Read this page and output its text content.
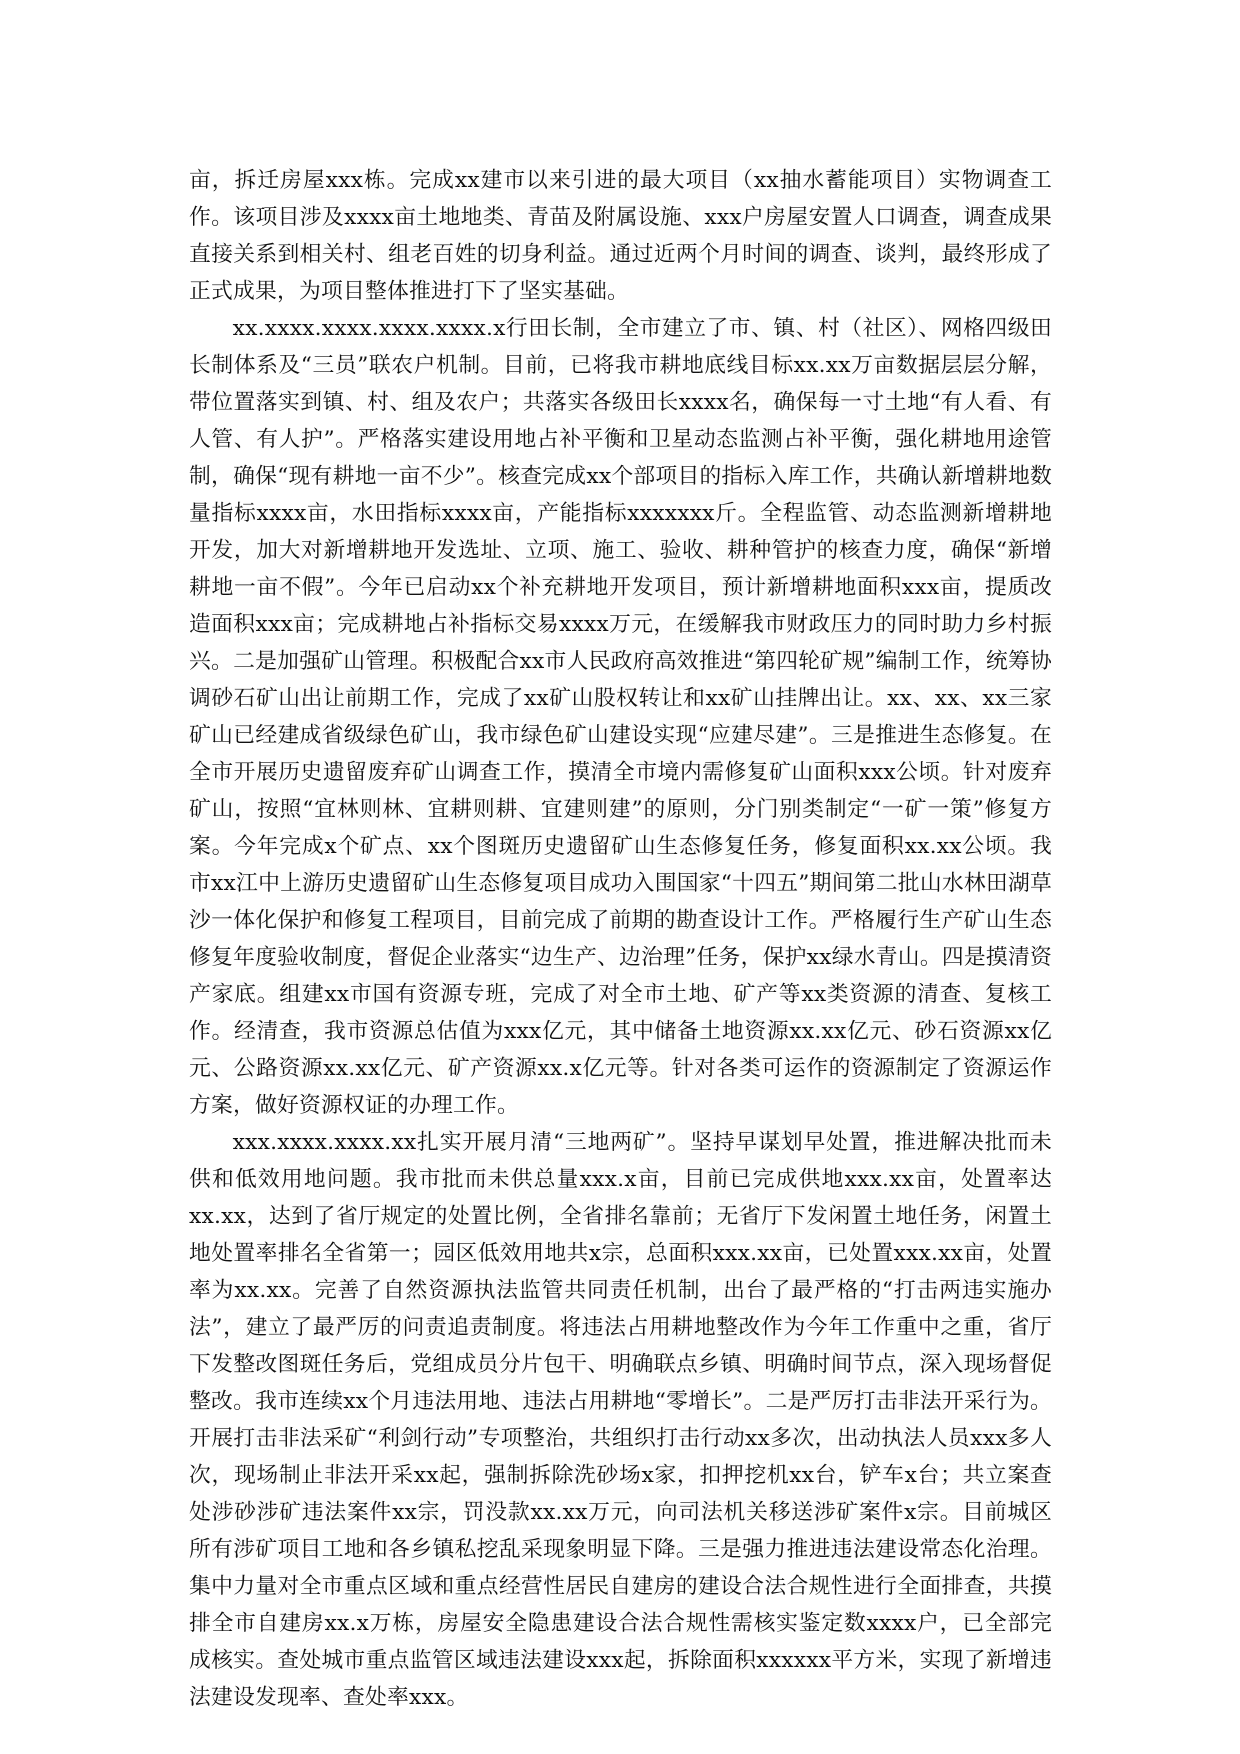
亩，拆迁房屋xxx栋。完成xx建市以来引进的最大项目（xx抽水蓄能项目）实物调查工作。该项目涉及xxxx亩土地地类、青苗及附属设施、xxx户房屋安置人口调查，调查成果直接关系到相关村、组老百姓的切身利益。通过近两个月时间的调查、谈判，最终形成了正式成果，为项目整体推进打下了坚实基础。

xx.xxxx.xxxx.xxxx.xxxx.x行田长制，全市建立了市、镇、村（社区）、网格四级田长制体系及“三员”联农户机制。目前，已将我市耕地底线目标xx.xx万亩数据层层分解，带位置落实到镇、村、组及农户；共落实各级田长xxxx名，确保每一寸土地“有人看、有人管、有人护”。严格落实建设用地占补平衡和卫星动态监测占补平衡，强化耕地用途管制，确保“现有耕地一亩不少”。核查完成xx个部项目的指标入库工作，共确认新增耕地数量指标xxxx亩，水田指标xxxx亩，产能指标xxxxxxx斤。全程监管、动态监测新增耕地开发，加大对新增耕地开发选址、立项、施工、验收、耕种管护的核查力度，确保“新增耕地一亩不假”。今年已启动xx个补充耕地开发项目，预计新增耕地面积xxx亩，提质改造面积xxx亩；完成耕地占补指标交易xxxx万元，在缓解我市财政压力的同时助力乡村振兴。二是加强矿山管理。积极配合xx市人民政府高效推进“第四轮矿规”编制工作，统筹协调砂石矿山出让前期工作，完成了xx矿山股权转让和xx矿山挂牌出让。xx、xx、xx三家矿山已经建成省级绿色矿山，我市绿色矿山建设实现“应建尽建”。三是推进生态修复。在全市开展历史遗留废弃矿山调查工作，摸清全市境内需修复矿山面积xxx公顷。针对废弃矿山，按照“宜林则林、宜耕则耕、宜建则建”的原则，分门别类制定“一矿一策”修复方案。今年完成x个矿点、xx个图斑历史遗留矿山生态修复任务，修复面积xx.xx公顷。我市xx江中上游历史遗留矿山生态修复项目成功入围国家“十四五”期间第二批山水林田湖草沙一体化保护和修复工程项目，目前完成了前期的勘查设计工作。严格履行生产矿山生态修复年度验收制度，督促企业落实“边生产、边治理”任务，保护xx绿水青山。四是摸清资产家底。组建xx市国有资源专班，完成了对全市土地、矿产等xx类资源的清查、复核工作。经清查，我市资源总估值为xxx亿元，其中储备土地资源xx.xx亿元、砂石资源xx亿元、公路资源xx.xx亿元、矿产资源xx.x亿元等。针对各类可运作的资源制定了资源运作方案，做好资源权证的办理工作。

xxx.xxxx.xxxx.xx扎实开展月清“三地两矿”。坚持早谋划早处置，推进解决批而未供和低效用地问题。我市批而未供总量xxx.x亩，目前已完成供地xxx.xx亩，处置率达xx.xx，达到了省厅规定的处置比例，全省排名靠前；无省厅下发闲置土地任务，闲置土地处置率排名全省第一；园区低效用地共x宗，总面积xxx.xx亩，已处置xxx.xx亩，处置率为xx.xx。完善了自然资源执法监管共同责任机制，出台了最严格的“打击两违实施办法”，建立了最严厉的问责追责制度。将违法占用耕地整改作为今年工作重中之重，省厅下发整改图斑任务后，党组成员分片包干、明确联点乡镇、明确时间节点，深入现场督促整改。我市连续xx个月违法用地、违法占用耕地“零增长”。二是严厉打击非法开采行为。开展打击非法采矿“利剑行动”专项整治，共组织打击行动xx多次，出动执法人员xxx多人次，现场制止非法开采xx起，强制拆除洗砂场x家，扣押挖机xx台，铲车x台；共立案查处涉砂涉矿违法案件xx宗，罚没款xx.xx万元，向司法机关移送涉矿案件x宗。目前城区所有涉矿项目工地和各乡镇私挖乱采现象明显下降。三是强力推进违法建设常态化治理。集中力量对全市重点区域和重点经营性居民自建房的建设合法合规性进行全面排查，共摸排全市自建房xx.x万栋，房屋安全隐患建设合法合规性需核实鉴定数xxxx户，已全部完成核实。查处城市重点监管区域违法建设xxx起，拆除面积xxxxxx平方米，实现了新增违法建设发现率、查处率xxx。
